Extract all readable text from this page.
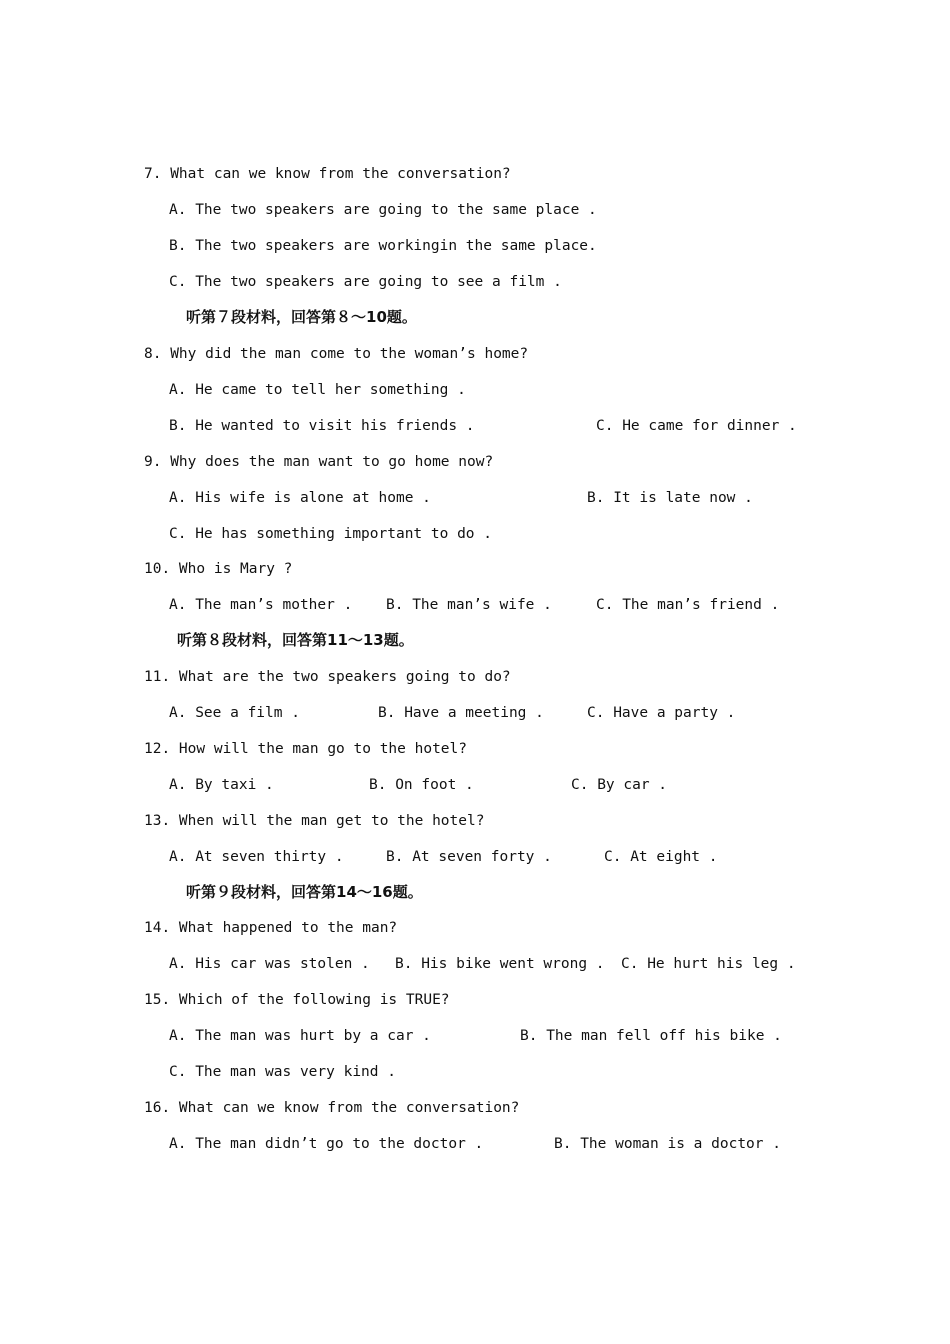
7. What can we know from the conversation?
A. The two speakers are going to the same place .
B. The two speakers are workingin the same place.
C. The two speakers are going to see a film .
听第７段材料，回答第８～10题。
8. Why did the man come to the woman’s home?
A. He came to tell her something .
B. He wanted to visit his friends .	C. He came for dinner .
9. Why does the man want to go home now?
A. His wife is alone at home .	B. It is late now .
C. He has something important to do .
10. Who is Mary ?
A. The man’s mother . B. The man’s wife .	C. The man’s friend .
听第８段材料，回答第11～13题。
11. What are the two speakers going to do?
A. See a film .	B. Have a meeting .	C. Have a party .
12. How will the man go to the hotel?
A. By taxi .	B. On foot .	C. By car .
13. When will the man get to the hotel?
A. At seven thirty .	B. At seven forty .	C. At eight .
听第９段材料，回答第14～16题。
14. What happened to the man?
A. His car was stolen . B. His bike went wrong . C. He hurt his leg .
15. Which of the following is TRUE?
A. The man was hurt by a car .	B. The man fell off his bike .
C. The man was very kind .
16. What can we know from the conversation?
A. The man didn’t go to the doctor .	B. The woman is a doctor .
